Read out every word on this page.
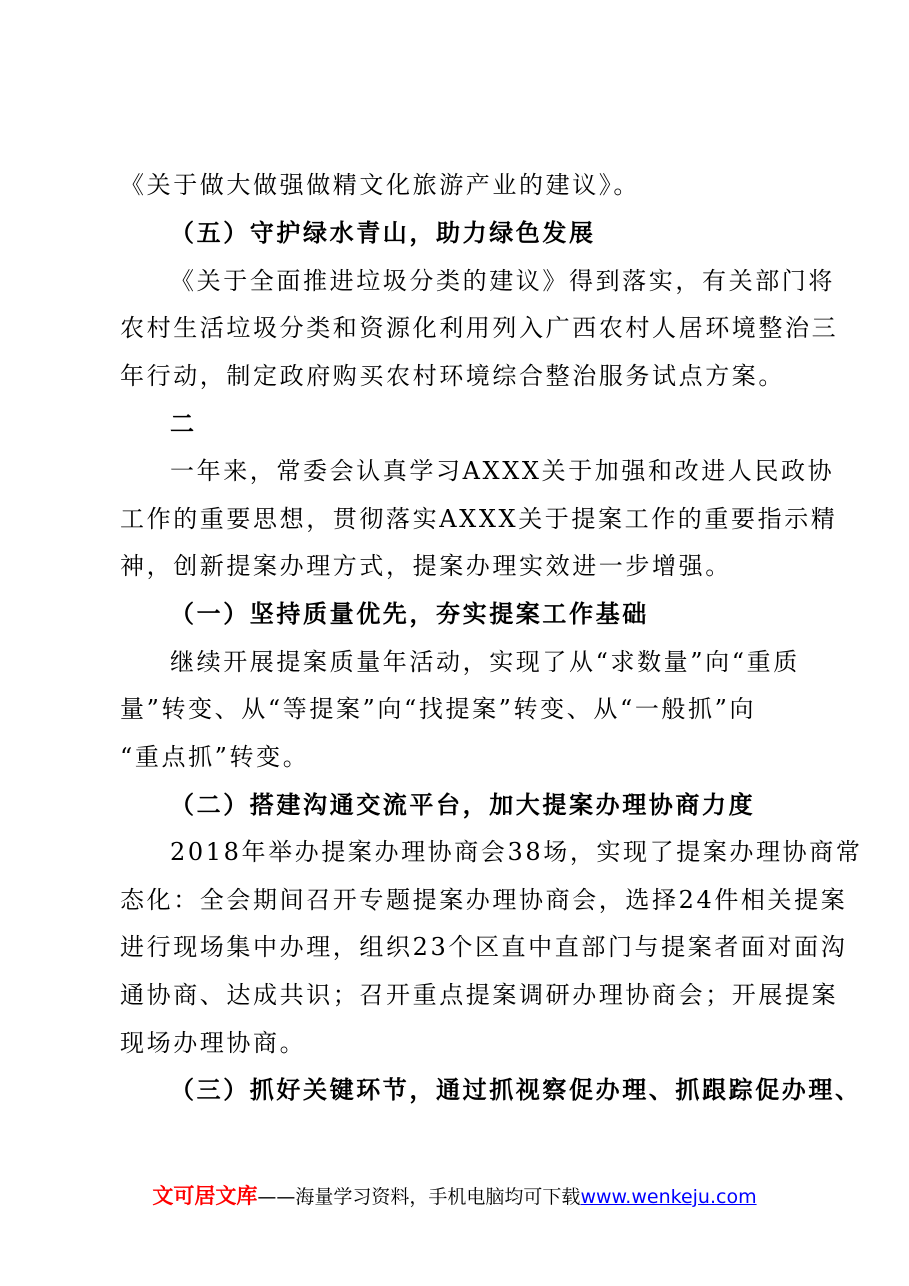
《关于做大做强做精文化旅游产业的建议》。
（五）守护绿水青山，助力绿色发展
《关于全面推进垃圾分类的建议》得到落实，有关部门将
农村生活垃圾分类和资源化利用列入广西农村人居环境整治三
年行动，制定政府购买农村环境综合整治服务试点方案。
二
一年来，常委会认真学习AXXX关于加强和改进人民政协
工作的重要思想，贯彻落实AXXX关于提案工作的重要指示精
神，创新提案办理方式，提案办理实效进一步增强。
（一）坚持质量优先，夯实提案工作基础
继续开展提案质量年活动，实现了从“求数量”向“重质
量”转变、从“等提案”向“找提案”转变、从“一般抓”向
“重点抓”转变。
（二）搭建沟通交流平台，加大提案办理协商力度
2018年举办提案办理协商会38场，实现了提案办理协商常
态化：全会期间召开专题提案办理协商会，选择24件相关提案
进行现场集中办理，组织23个区直中直部门与提案者面对面沟
通协商、达成共识；召开重点提案调研办理协商会；开展提案
现场办理协商。
（三）抓好关键环节，通过抓视察促办理、抓跟踪促办理、
文可居文库——海量学习资料，手机电脑均可下载www.wenkeju.com
